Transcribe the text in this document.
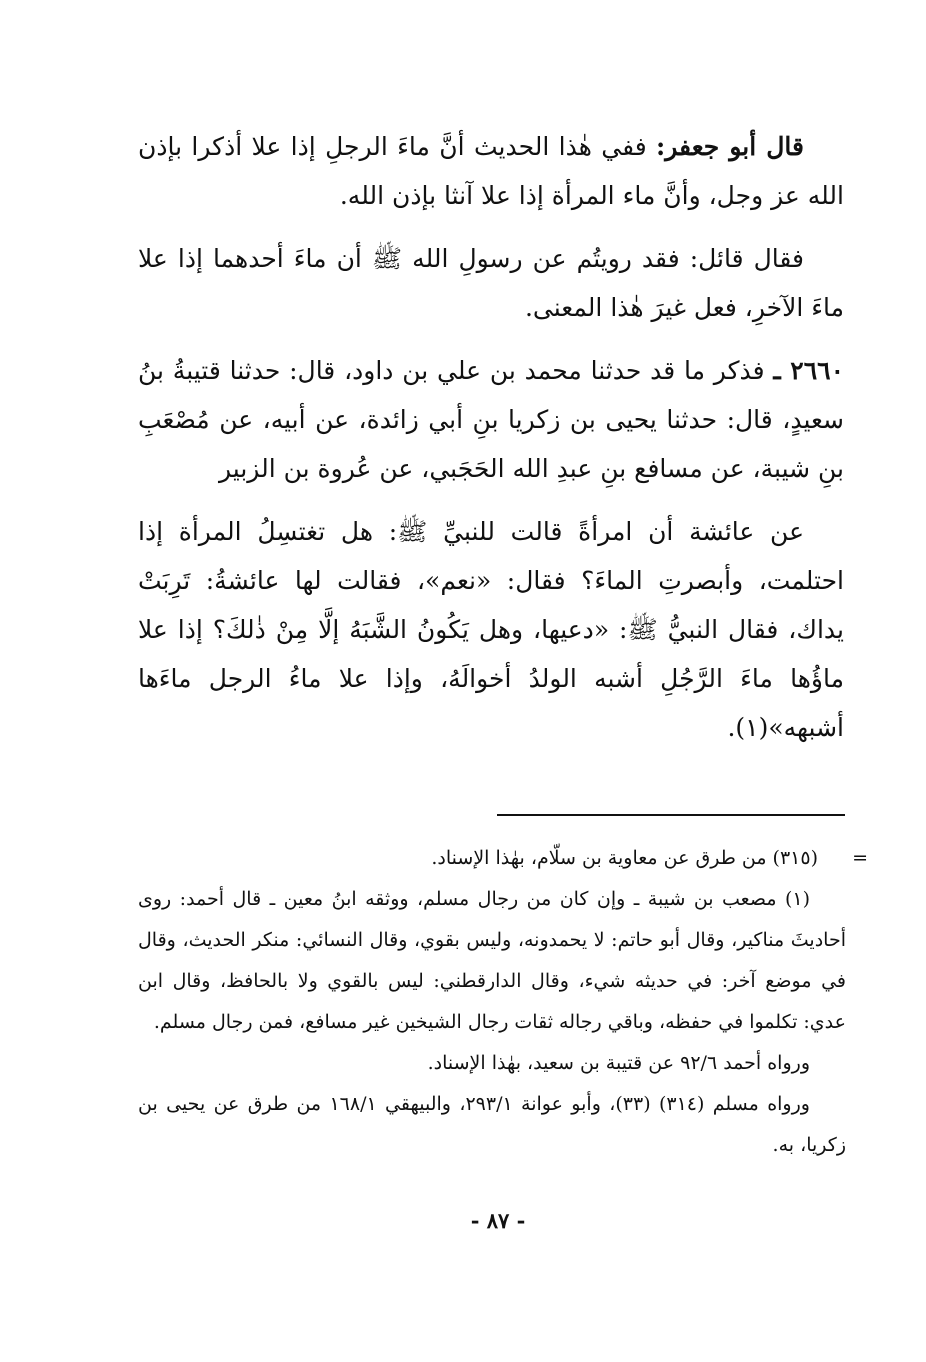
قال أبو جعفر: ففي هٰذا الحديث أنَّ ماءَ الرجلِ إذا علا أذكرا بإذن الله عز وجل، وأنَّ ماء المرأة إذا علا آنثا بإذن الله.

فقال قائل: فقد رويتُم عن رسولِ الله ﷺ أن ماءَ أحدهما إذا علا ماءَ الآخرِ، فعل غيرَ هٰذا المعنى.

٢٦٦٠ ـ فذكر ما قد حدثنا محمد بن علي بن داود، قال: حدثنا قتيبةُ بنُ سعيدٍ، قال: حدثنا يحيى بن زكريا بنِ أبي زائدة، عن أبيه، عن مُصْعَبِ بنِ شيبة، عن مسافع بنِ عبدِ الله الحَجَبي، عن عُروة بن الزبير

عن عائشة أن امرأةً قالت للنبيِّ ﷺ: هل تغتسِلُ المرأة إذا احتلمت، وأبصرتِ الماءَ؟ فقال: «نعم»، فقالت لها عائشةُ: تَرِبَتْ يداك، فقال النبيُّ ﷺ: «دعيها، وهل يَكُونُ الشَّبَهُ إلَّا مِنْ ذٰلكَ؟ إذا علا ماؤُها ماءَ الرَّجُلِ أشبه الولدُ أخوالَهُ، وإذا علا ماءُ الرجل ماءَها أشبهه»(١).

=

(٣١٥) من طرق عن معاوية بن سلّام، بهٰذا الإسناد.

(١) مصعب بن شيبة ـ وإن كان من رجال مسلم، ووثقه ابنُ معين ـ قال أحمد: روى أحاديثَ مناكير، وقال أبو حاتم: لا يحمدونه، وليس بقوي، وقال النسائي: منكر الحديث، وقال في موضع آخر: في حديثه شيء، وقال الدارقطني: ليس بالقوي ولا بالحافظ، وقال ابن عدي: تكلموا في حفظه، وباقي رجاله ثقات رجال الشيخين غير مسافع، فمن رجال مسلم.

ورواه أحمد ٩٢/٦ عن قتيبة بن سعيد، بهٰذا الإسناد.

ورواه مسلم (٣١٤) (٣٣)، وأبو عوانة ٢٩٣/١، والبيهقي ١٦٨/١ من طرق عن يحيى بن زكريا، به.

- ٨٧ -
